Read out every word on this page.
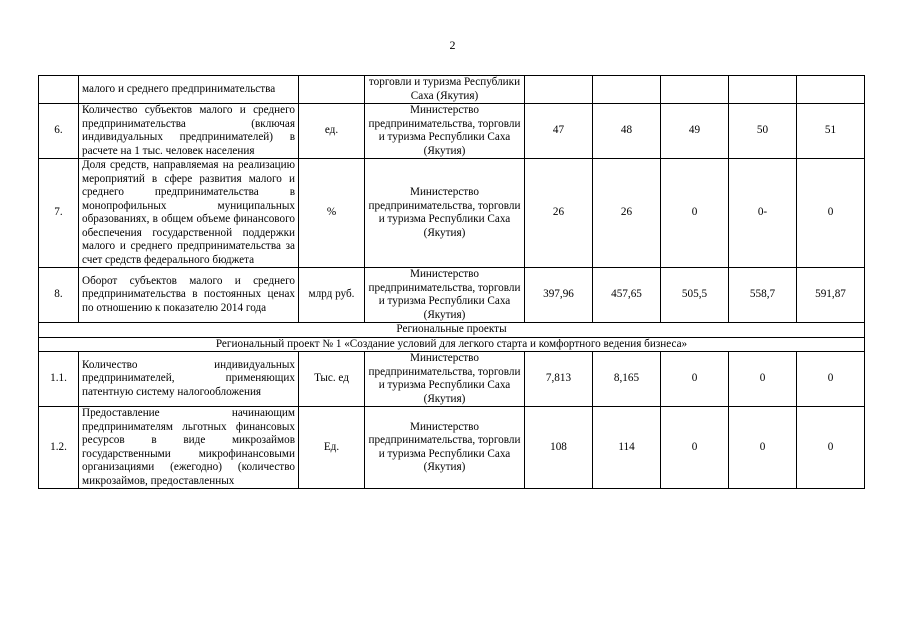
2
	малого и среднего предпринимательства		торговли и туризма Республики Саха (Якутия)					
6.	Количество субъектов малого и среднего предпринимательства (включая индивидуальных предпринимателей) в расчете на 1 тыс. человек населения	ед.	Министерство предпринимательства, торговли и туризма Республики Саха (Якутия)	47	48	49	50	51
7.	Доля средств, направляемая на реализацию мероприятий в сфере развития малого и среднего предпринимательства в монопрофильных муниципальных образованиях, в общем объеме финансового обеспечения государственной поддержки малого и среднего предпринимательства за счет средств федерального бюджета	%	Министерство предпринимательства, торговли и туризма Республики Саха (Якутия)	26	26	0	0-	0
8.	Оборот субъектов малого и среднего предпринимательства в постоянных ценах по отношению к показателю 2014 года	млрд руб.	Министерство предпринимательства, торговли и туризма Республики Саха (Якутия)	397,96	457,65	505,5	558,7	591,87
Региональные проекты								
Региональный проект № 1 «Создание условий для легкого старта и комфортного ведения бизнеса»								
1.1.	Количество индивидуальных предпринимателей, применяющих патентную систему налогообложения	Тыс. ед	Министерство предпринимательства, торговли и туризма Республики Саха (Якутия)	7,813	8,165	0	0	0
1.2.	Предоставление начинающим предпринимателям льготных финансовых ресурсов в виде микрозаймов государственными микрофинансовыми организациями (ежегодно) (количество микрозаймов, предоставленных	Ед.	Министерство предпринимательства, торговли и туризма Республики Саха (Якутия)	108	114	0	0	0
